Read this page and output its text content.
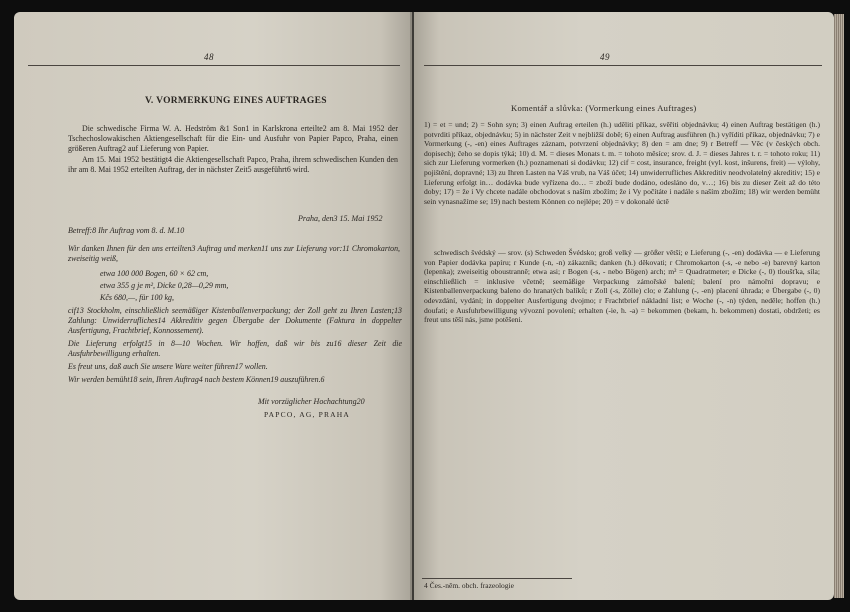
48
V. VORMERKUNG EINES AUFTRAGES

Die schwedische Firma W. A. Hedström &1 Son1 in Karlskrona erteilte2 am 8. Mai 1952 der Tschechoslowakischen Aktiengesellschaft für die Ein- und Ausfuhr von Papier Papco, Praha, einen größeren Auftrag2 auf Lieferung von Papier.

Am 15. Mai 1952 bestätigt4 die Aktiengesellschaft Papco, Praha, ihrem schwedischen Kunden den ihr am 8. Mai 1952 erteilten Auftrag, der in nächster Zeit5 ausgeführt6 wird.

Praha, den3 15. Mai 1952
Betreff:8 Ihr Auftrag vom 8. d. M.10

Wir danken Ihnen für den uns erteilten3 Auftrag und merken11 uns zur Lieferung vor:11 Chromokarton, zweiseitig weiß,

etwa 100 000 Bogen, 60 × 62 cm,
etwa 355 g je m², Dicke 0,28—0,29 mm,
Kčs 680,—, für 100 kg,

cif13 Stockholm, einschließlich seemäßiger Kistenballenverpackung; der Zoll geht zu Ihren Lasten;13 Zahlung: Unwiderrufliches14 Akkreditiv gegen Übergabe der Dokumente (Faktura in doppelter Ausfertigung, Frachtbrief, Konnossement).

Die Lieferung erfolgt15 in 8—10 Wochen. Wir hoffen, daß wir bis zu16 dieser Zeit die Ausfuhrbewilligung erhalten.

Es freut uns, daß auch Sie unsere Ware weiter führen17 wollen.

Wir werden bemüht18 sein, Ihren Auftrag4 nach bestem Können19 auszuführen.6

Mit vorzüglicher Hochachtung20
PAPCO, AG, PRAHA
49
Komentář a slůvka: (Vormerkung eines Auftrages)

1) = et = und; 2) = Sohn syn; 3) einen Auftrag erteilen (h.) uděliti příkaz, svěřiti objednávku; 4) einen Auftrag bestätigen (h.) potvrditi příkaz, objednávku; 5) in nächster Zeit v nejbližší době; 6) einen Auftrag ausführen (h.) vyříditi příkaz, objednávku; 7) e Vormerkung (-, -en) eines Auftrages záznam, potvrzení objednávky; 8) den = am dne; 9) r Betreff — Věc (v českých obch. dopisech); čeho se dopis týká; 10) d. M. = dieses Monats t. m. = tohoto měsíce; srov. d. J. = dieses Jahres t. r. = tohoto roku; 11) sich zur Lieferung vormerken (h.) poznamenati si dodávku; 12) cif = cost, insurance, freight (vyl. kost, inšurens, freit) — výlohy, pojištění, dopravné; 13) zu Ihren Lasten na Váš vrub, na Váš účet; 14) unwiderrufliches Akkreditiv neodvolatelný akreditiv; 15) e Lieferung erfolgt in… dodávka bude vyřízena do… = zboží bude dodáno, odesláno do, v…; 16) bis zu dieser Zeit až do této doby; 17) = že i Vy chcete nadále obchodovat s naším zbožím; že i Vy počítáte i nadále s naším zbožím; 18) wir werden bemüht sein vynasnažíme se; 19) nach bestem Können co nejlépe; 20) = v dokonalé úctě

schwedisch švédský — srov. (s) Schweden Švédsko; groß velký — größer větší; e Lieferung (-, -en) dodávka — e Lieferung von Papier dodávka papíru; r Kunde (-n, -n) zákazník; danken (h.) děkovati; r Chromokarton (-s, -e nebo -e) barevný karton (lepenka); zweiseitig oboustranně; etwa asi; r Bogen (-s, - nebo Bögen) arch; m² = Quadratmeter; e Dicke (-, 0) tloušťka, síla; einschließlich = inklusive včetně; seemäßige Verpackung zámořské balení; balení pro námořní dopravu; e Kistenballenverpackung baleno do hranatých balíků; r Zoll (-s, Zölle) clo; e Zahlung (-, -en) placení úhrada; e Übergabe (-, 0) odevzdání, vydání; in doppelter Ausfertigung dvojmo; r Frachtbrief nákladní list; e Woche (-, -n) týden, neděle; hoffen (h.) doufati; e Ausfuhrbewilligung vývozní povolení; erhalten (-ie, h. -a) = bekommen (bekam, h. bekommen) dostati, obdržeti; es freut uns těší nás, jsme potěšeni.

4 Čes.-něm. obch. frazeologie
